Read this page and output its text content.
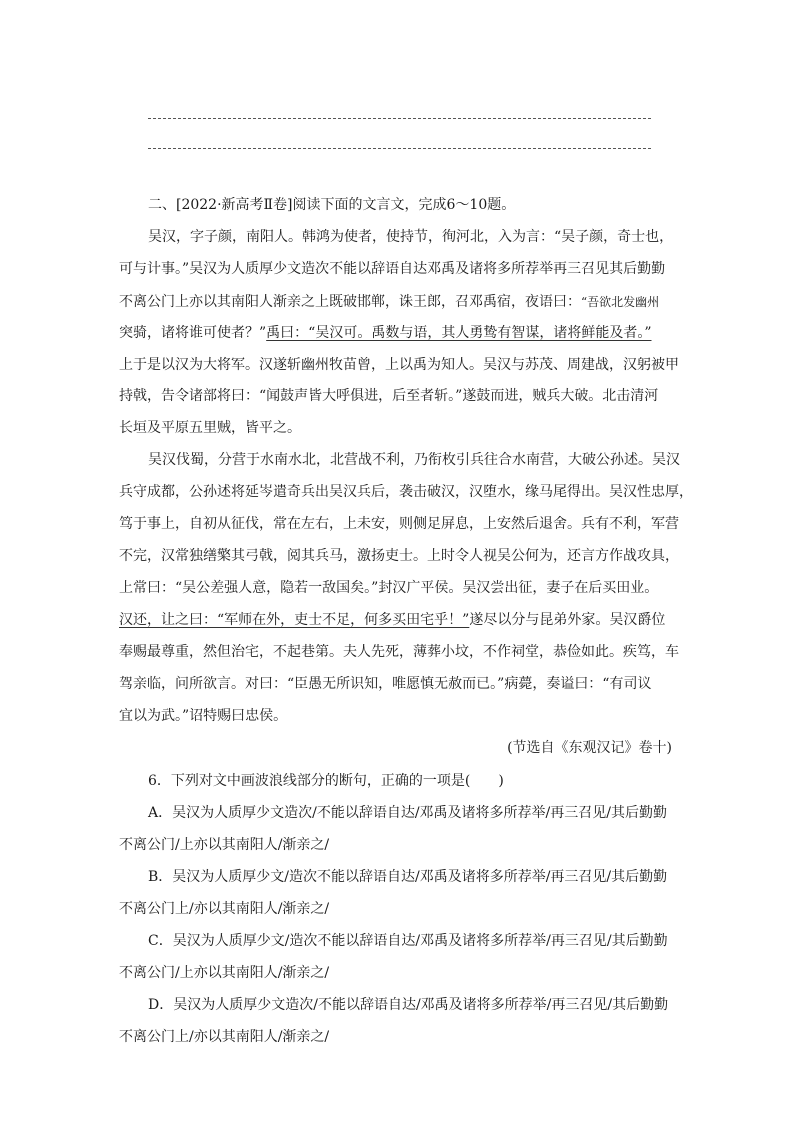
二、[2022·新高考Ⅱ卷]阅读下面的文言文，完成6～10题。
吴汉，字子颜，南阳人。韩鸿为使者，使持节，徇河北，入为言：“吴子颜，奇士也，
可与计事。”吴汉为人质厚少文造次不能以辞语自达邓禹及诸将多所荐举再三召见其后勤勤
不离公门上亦以其南阳人渐亲之上既破邯郸，诛王郎，召邓禹宿，夜语曰：“吾欲北发幽州
突骑，诸将谁可使者？”禹曰：“吴汉可。禹数与语，其人勇鸷有智谋，诸将鲜能及者。”
上于是以汉为大将军。汉遂斩幽州牧苗曾，上以禹为知人。吴汉与苏茂、周建战，汉躬被甲
持戟，告令诸部将曰：“闻鼓声皆大呼俱进，后至者斩。”遂鼓而进，贼兵大破。北击清河
长垣及平原五里贼，皆平之。
吴汉伐蜀，分营于水南水北，北营战不利，乃衔枚引兵往合水南营，大破公孙述。吴汉
兵守成都，公孙述将延岑遣奇兵出吴汉兵后，袭击破汉，汉堕水，缘马尾得出。吴汉性忠厚，
笃于事上，自初从征伐，常在左右，上未安，则侧足屏息，上安然后退舍。兵有不利，军营
不完，汉常独缮檠其弓戟，阅其兵马，激扬吏士。上时令人视吴公何为，还言方作战攻具，
上常曰：“吴公差强人意，隐若一敌国矣。”封汉广平侯。吴汉尝出征，妻子在后买田业。
汉还，让之曰：“军师在外，吏士不足，何多买田宅乎！”遂尽以分与昆弟外家。吴汉爵位
奉赐最尊重，然但治宅，不起巷第。夫人先死，薄葬小坟，不作祠堂，恭俭如此。疾笃，车
驾亲临，问所欲言。对曰：“臣愚无所识知，唯愿慎无赦而已。”病薨，奏谥曰：“有司议
宜以为武。”诏特赐曰忠侯。
(节选自《东观汉记》卷十)
6．下列对文中画波浪线部分的断句，正确的一项是(　　)
A．吴汉为人质厚少文造次/不能以辞语自达/邓禹及诸将多所荐举/再三召见/其后勤勤
不离公门/上亦以其南阳人/渐亲之/
B．吴汉为人质厚少文/造次不能以辞语自达/邓禹及诸将多所荐举/再三召见/其后勤勤
不离公门上/亦以其南阳人/渐亲之/
C．吴汉为人质厚少文/造次不能以辞语自达/邓禹及诸将多所荐举/再三召见/其后勤勤
不离公门/上亦以其南阳人/渐亲之/
D．吴汉为人质厚少文造次/不能以辞语自达/邓禹及诸将多所荐举/再三召见/其后勤勤
不离公门上/亦以其南阳人/渐亲之/
